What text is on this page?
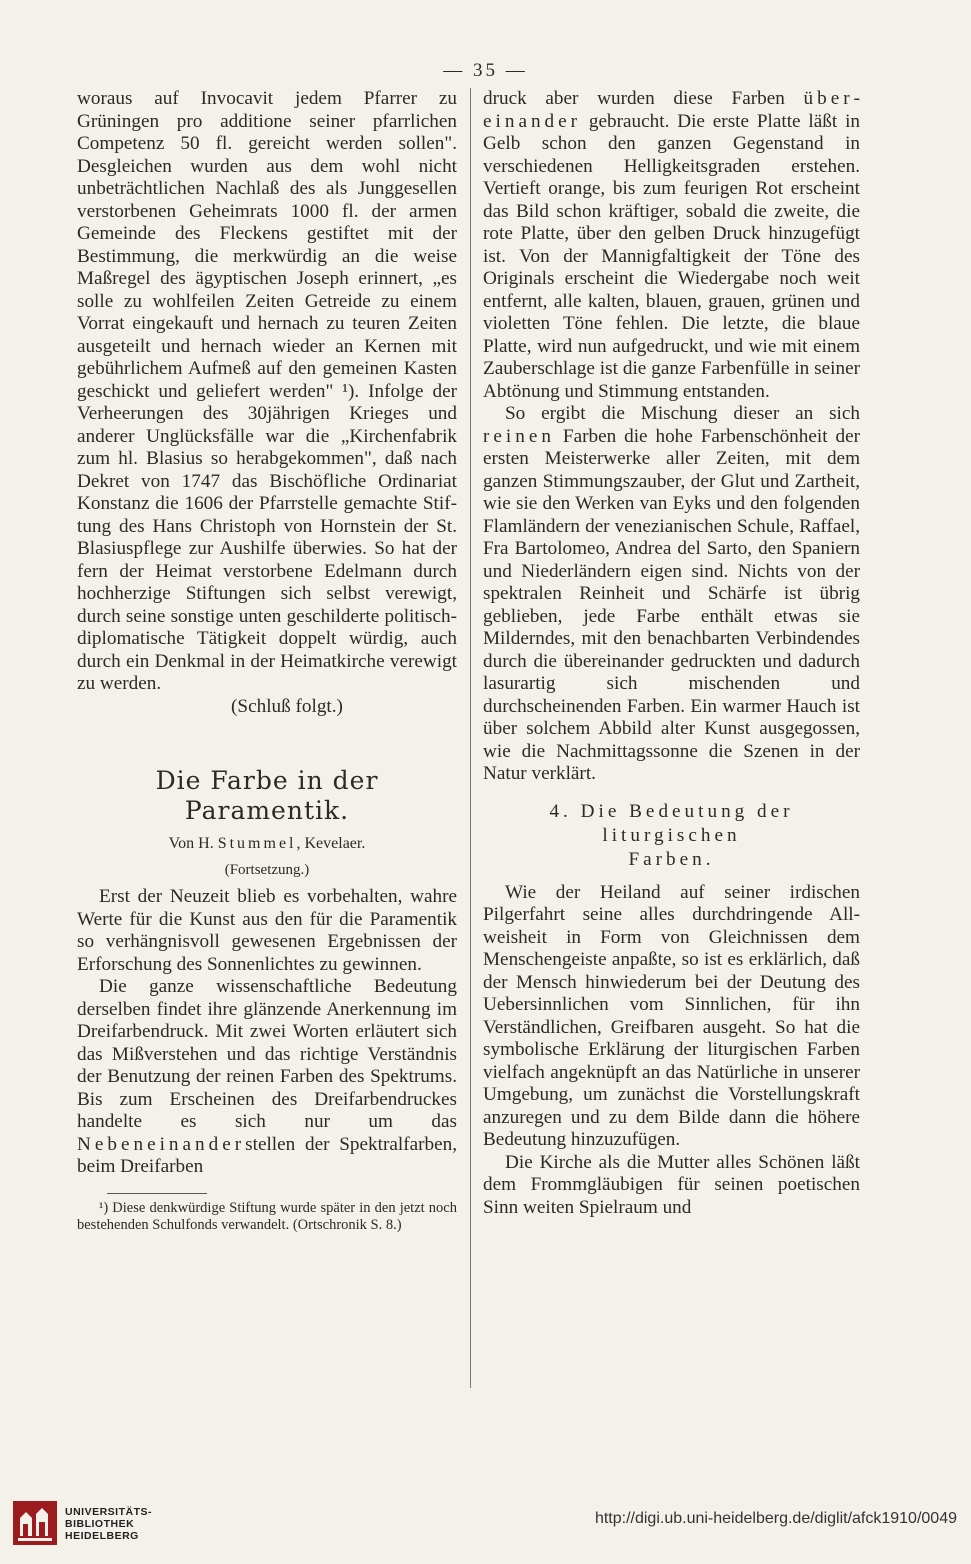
— 35 —

woraus auf Invocavit jedem Pfarrer zu Grüningen pro additione seiner pfarrlichen Competenz 50 fl. gereicht werden sollen". Desgleichen wurden aus dem wohl nicht unbeträchtlichen Nachlaß des als Junggesellen verstorbenen Geheimrats 1000 fl. der armen Gemeinde des Fleckens gestiftet mit der Bestimmung, die merkwürdig an die weise Maßregel des ägyptischen Joseph erinnert, „es solle zu wohlfeilen Zeiten Getreide zu einem Vorrat eingekauft und hernach zu teuren Zeiten ausgeteilt und hernach wieder an Kernen mit gebührlichem Aufmeß auf den gemeinen Kasten geschickt und geliefert werden" ¹). Infolge der Verheerungen des 30jährigen Krieges und anderer Unglücksfälle war die „Kirchenfabrik zum hl. Blasius so herabgekommen", daß nach Dekret von 1747 das Bischöfliche Ordinariat Konstanz die 1606 der Pfarrstelle gemachte Stiftung des Hans Christoph von Hornstein der St. Blasiuspflege zur Aushilfe überwies. So hat der fern der Heimat verstorbene Edelmann durch hochherzige Stiftungen sich selbst verewigt, durch seine sonstige unten geschilderte politisch-diplomatische Tätigkeit doppelt würdig, auch durch ein Denkmal in der Heimatkirche verewigt zu werden.

(Schluß folgt.)

Die Farbe in der Paramentik.
Von H. Stummel, Kevelaer.
(Fortsetzung.)

Erst der Neuzeit blieb es vorbehalten, wahre Werte für die Kunst aus den für die Paramentik so verhängnisvoll gewesenen Ergebnissen der Erforschung des Sonnenlichtes zu gewinnen.

Die ganze wissenschaftliche Bedeutung derselben findet ihre glänzende Anerkennung im Dreifarbendruck. Mit zwei Worten erläutert sich das Mißverstehen und das richtige Verständnis der Benutzung der reinen Farben des Spektrums. Bis zum Erscheinen des Dreifarbendruckes handelte es sich nur um das Nebeneinanderstellen der Spektralfarben, beim Dreifarben

¹) Diese denkwürdige Stiftung wurde später in den jetzt noch bestehenden Schulfonds verwandelt. (Ortschronik S. 8.)

druck aber wurden diese Farben übereinander gebraucht. Die erste Platte läßt in Gelb schon den ganzen Gegenstand in verschiedenen Helligkeitsgraden erstehen. Vertieft orange, bis zum feurigen Rot erscheint das Bild schon kräftiger, sobald die zweite, die rote Platte, über den gelben Druck hinzugefügt ist. Von der Mannigfaltigkeit der Töne des Originals erscheint die Wiedergabe noch weit entfernt, alle kalten, blauen, grauen, grünen und violetten Töne fehlen. Die letzte, die blaue Platte, wird nun aufgedruckt, und wie mit einem Zauberschlage ist die ganze Farbenfülle in seiner Abtönung und Stimmung entstanden.

So ergibt die Mischung dieser an sich reinen Farben die hohe Farbenschönheit der ersten Meisterwerke aller Zeiten, mit dem ganzen Stimmungszauber, der Glut und Zartheit, wie sie den Werken van Eyks und den folgenden Flamländern der venezianischen Schule, Raffael, Fra Bartolomeo, Andrea del Sarto, den Spaniern und Niederländern eigen sind. Nichts von der spektralen Reinheit und Schärfe ist übrig geblieben, jede Farbe enthält etwas sie Milderndes, mit den benachbarten Verbindendes durch die übereinander gedruckten und dadurch lasurartig sich mischenden und durchscheinenden Farben. Ein warmer Hauch ist über solchem Abbild alter Kunst ausgegossen, wie die Nachmittagssonne die Szenen in der Natur verklärt.

4. Die Bedeutung der liturgischen
Farben.

Wie der Heiland auf seiner irdischen Pilgerfahrt seine alles durchdringende Allweisheit in Form von Gleichnissen dem Menschengeiste anpaßte, so ist es erklärlich, daß der Mensch hinwiederum bei der Deutung des Uebersinnlichen vom Sinnlichen, für ihn Verständlichen, Greifbaren ausgeht. So hat die symbolische Erklärung der liturgischen Farben vielfach angeknüpft an das Natürliche in unserer Umgebung, um zunächst die Vorstellungskraft anzuregen und zu dem Bilde dann die höhere Bedeutung hinzuzufügen.

Die Kirche als die Mutter alles Schönen läßt dem Frommgläubigen für seinen poetischen Sinn weiten Spielraum und

UNIVERSITÄTS-
BIBLIOTHEK
HEIDELBERG
http://digi.ub.uni-heidelberg.de/diglit/afck1910/0049
